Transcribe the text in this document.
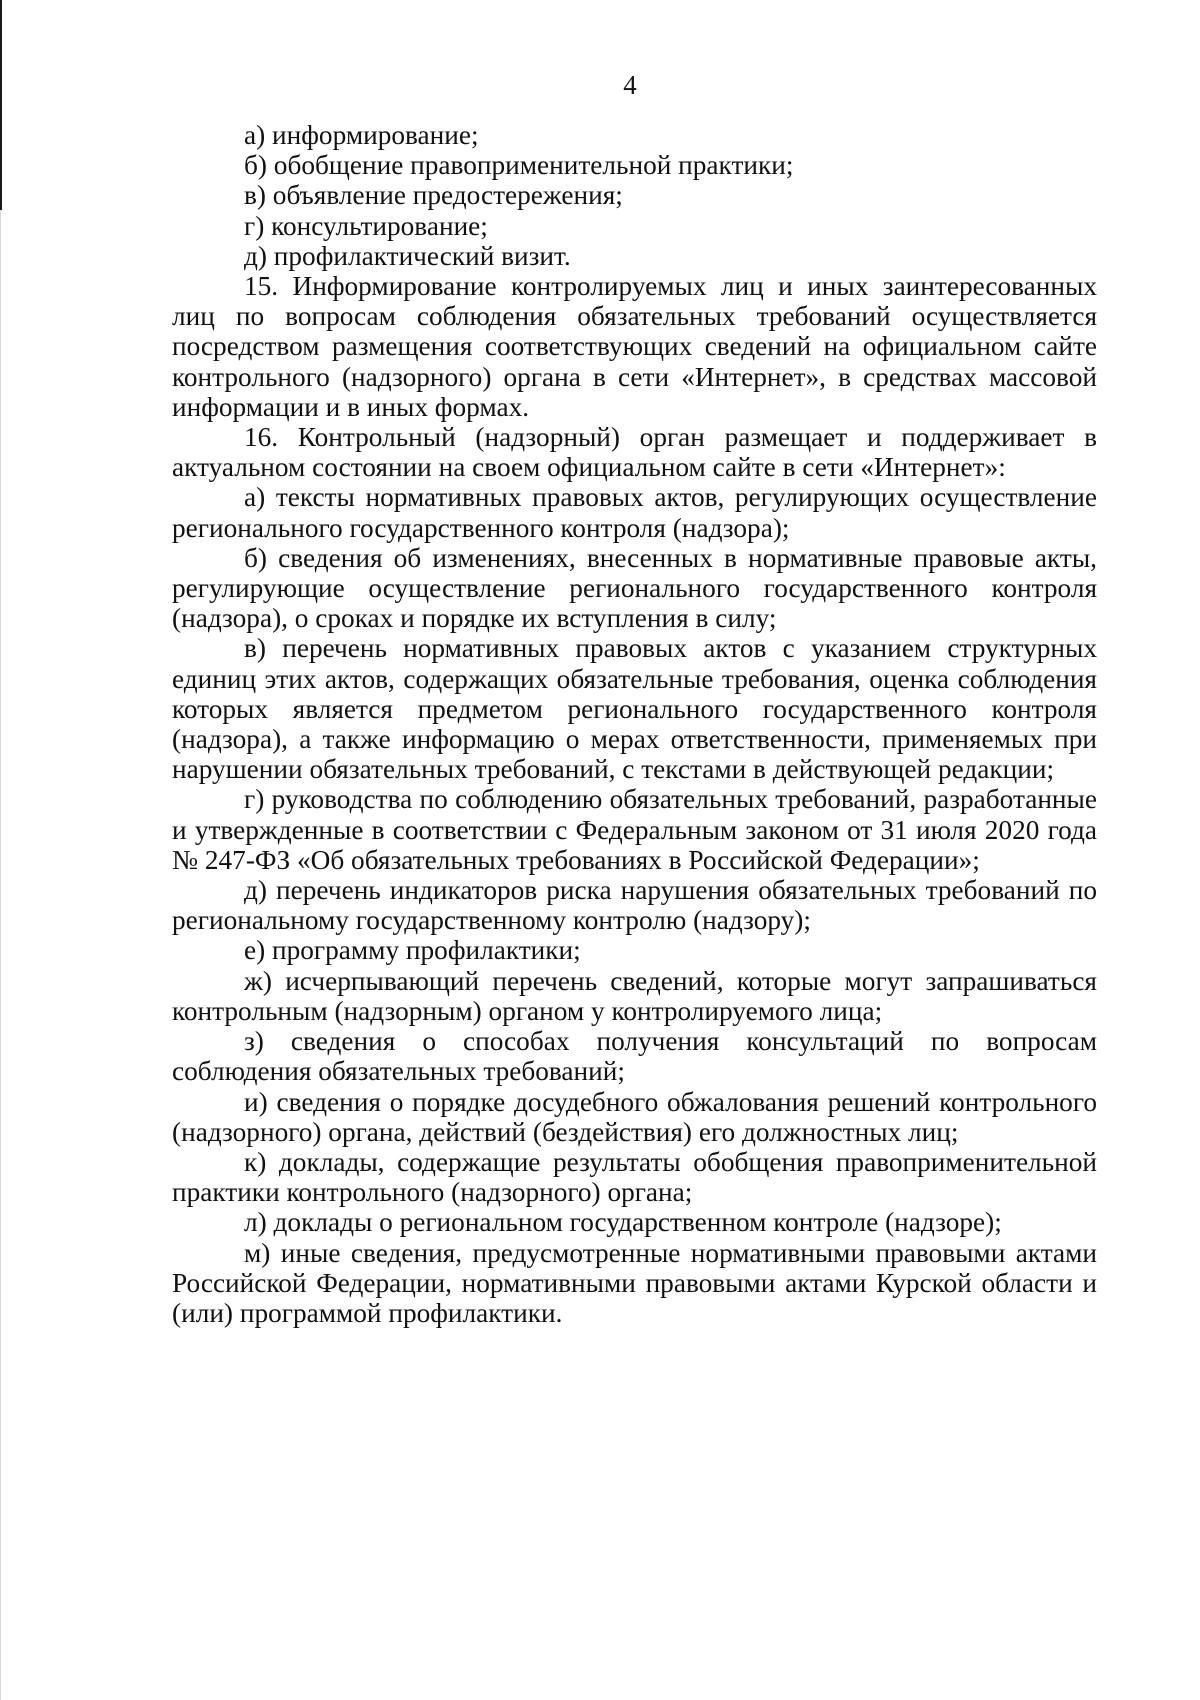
4

а) информирование;

б) обобщение правоприменительной практики;

в) объявление предостережения;

г) консультирование;

д) профилактический визит.

15. Информирование контролируемых лиц и иных заинтересованных лиц по вопросам соблюдения обязательных требований осуществляется посредством размещения соответствующих сведений на официальном сайте контрольного (надзорного) органа в сети «Интернет», в средствах массовой информации и в иных формах.

16. Контрольный (надзорный) орган размещает и поддерживает в актуальном состоянии на своем официальном сайте в сети «Интернет»:

а) тексты нормативных правовых актов, регулирующих осуществление регионального государственного контроля (надзора);

б) сведения об изменениях, внесенных в нормативные правовые акты, регулирующие осуществление регионального государственного контроля (надзора), о сроках и порядке их вступления в силу;

в) перечень нормативных правовых актов с указанием структурных единиц этих актов, содержащих обязательные требования, оценка соблюдения которых является предметом регионального государственного контроля (надзора), а также информацию о мерах ответственности, применяемых при нарушении обязательных требований, с текстами в действующей редакции;

г) руководства по соблюдению обязательных требований, разработанные и утвержденные в соответствии с Федеральным законом от 31 июля 2020 года № 247-ФЗ «Об обязательных требованиях в Российской Федерации»;

д) перечень индикаторов риска нарушения обязательных требований по региональному государственному контролю (надзору);

е) программу профилактики;

ж) исчерпывающий перечень сведений, которые могут запрашиваться контрольным (надзорным) органом у контролируемого лица;

з) сведения о способах получения консультаций по вопросам соблюдения обязательных требований;

и) сведения о порядке досудебного обжалования решений контрольного (надзорного) органа, действий (бездействия) его должностных лиц;

к) доклады, содержащие результаты обобщения правоприменительной практики контрольного (надзорного) органа;

л) доклады о региональном государственном контроле (надзоре);

м) иные сведения, предусмотренные нормативными правовыми актами Российской Федерации, нормативными правовыми актами Курской области и (или) программой профилактики.
